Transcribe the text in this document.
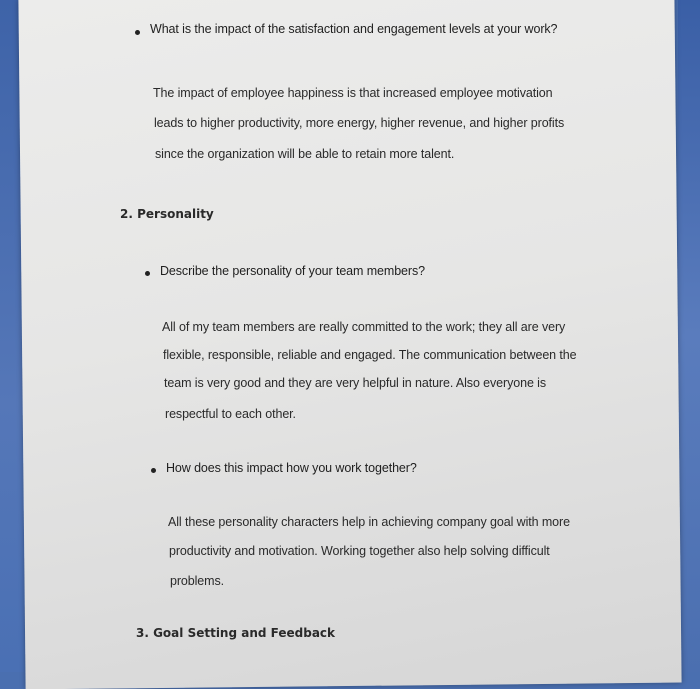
What is the impact of the satisfaction and engagement levels at your work?
The impact of employee happiness is that increased employee motivation
leads to higher productivity, more energy, higher revenue, and higher profits
since the organization will be able to retain more talent.
2. Personality
Describe the personality of your team members?
All of my team members are really committed to the work; they all are very
flexible, responsible, reliable and engaged. The communication between the
team is very good and they are very helpful in nature. Also everyone is
respectful to each other.
How does this impact how you work together?
All these personality characters help in achieving company goal with more
productivity and motivation. Working together also help solving difficult
problems.
3. Goal Setting and Feedback
